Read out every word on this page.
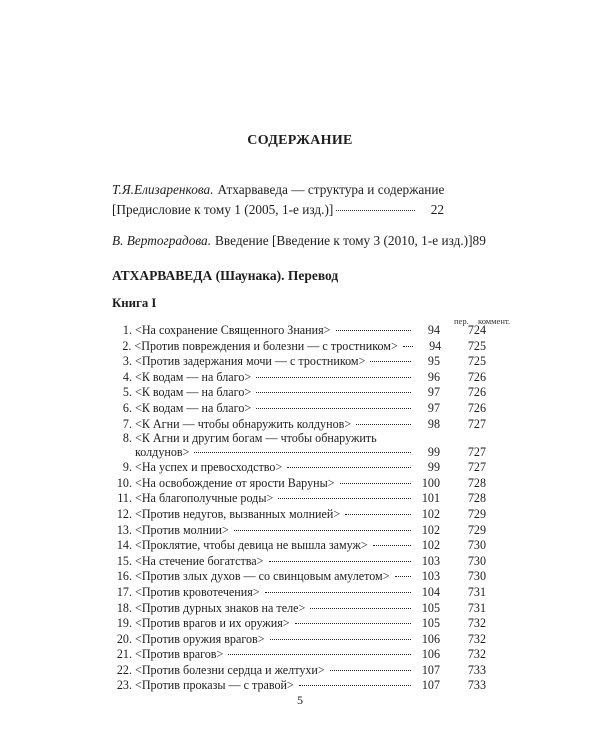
СОДЕРЖАНИЕ
Т.Я.Елизаренкова. Атхарваведа — структура и содержание
[Предисловие к тому 1 (2005, 1-е изд.)]	22
В. Вертоградова. Введение [Введение к тому 3 (2010, 1-е изд.)] 89
АТХАРВАВЕДА (Шаунака). Перевод
Книга I
пер. коммент.
1. <На сохранение Священного Знания>	94	724
2. <Против повреждения и болезни — с тростником>	94	725
3. <Против задержания мочи — с тростником>	95	725
4. <К водам — на благо>	96	726
5. <К водам — на благо>	97	726
6. <К водам — на благо>	97	726
7. <К Агни — чтобы обнаружить колдунов>	98	727
8. <К Агни и другим богам — чтобы обнаружить
колдунов>	99	727
9. <На успех и превосходство>	99	727
10. <На освобождение от ярости Варуны>	100	728
11. <На благополучные роды>	101	728
12. <Против недугов, вызванных молнией>	102	729
13. <Против молнии>	102	729
14. <Проклятие, чтобы девица не вышла замуж>	102	730
15. <На стечение богатства>	103	730
16. <Против злых духов — со свинцовым амулетом>	103	730
17. <Против кровотечения>	104	731
18. <Против дурных знаков на теле>	105	731
19. <Против врагов и их оружия>	105	732
20. <Против оружия врагов>	106	732
21. <Против врагов>	106	732
22. <Против болезни сердца и желтухи>	107	733
23. <Против проказы — с травой>	107	733
5
